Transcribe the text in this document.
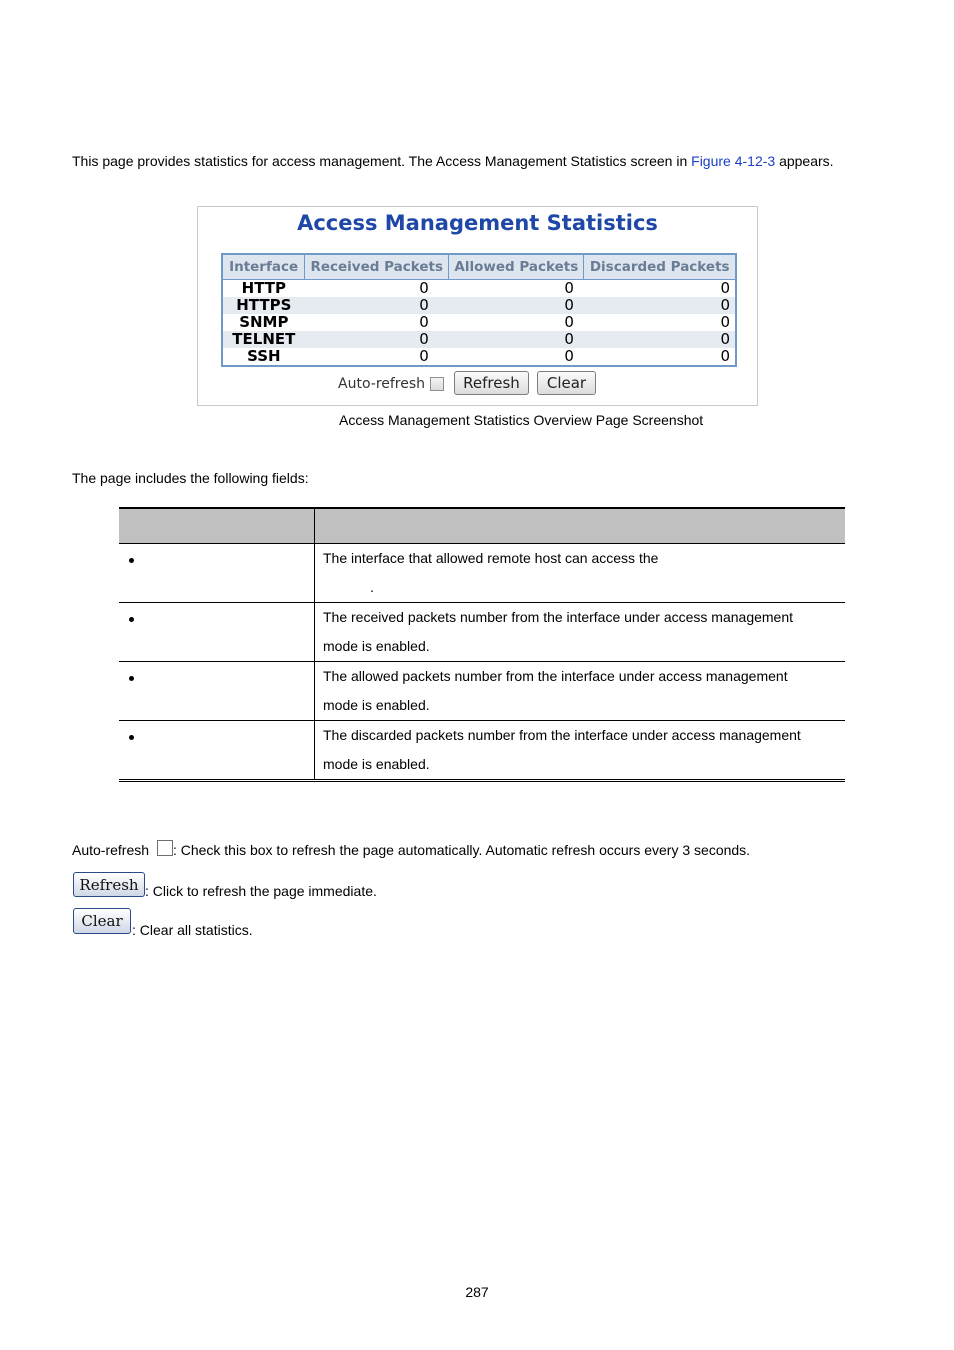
This page provides statistics for access management. The Access Management Statistics screen in Figure 4-12-3 appears.
Access Management Statistics
Interface	Received Packets	Allowed Packets	Discarded Packets
HTTP	0	0	0
HTTPS	0	0	0
SNMP	0	0	0
TELNET	0	0	0
SSH	0	0	0
Auto-refresh	Refresh	Clear
Access Management Statistics Overview Page Screenshot
The page includes the following fields:

	The interface that allowed remote host can access the
.

	The received packets number from the interface under access management
mode is enabled.

	The allowed packets number from the interface under access management
mode is enabled.

	The discarded packets number from the interface under access management
mode is enabled.
Auto-refresh : Check this box to refresh the page automatically. Automatic refresh occurs every 3 seconds.
Refresh : Click to refresh the page immediate.
Clear : Clear all statistics.
287
